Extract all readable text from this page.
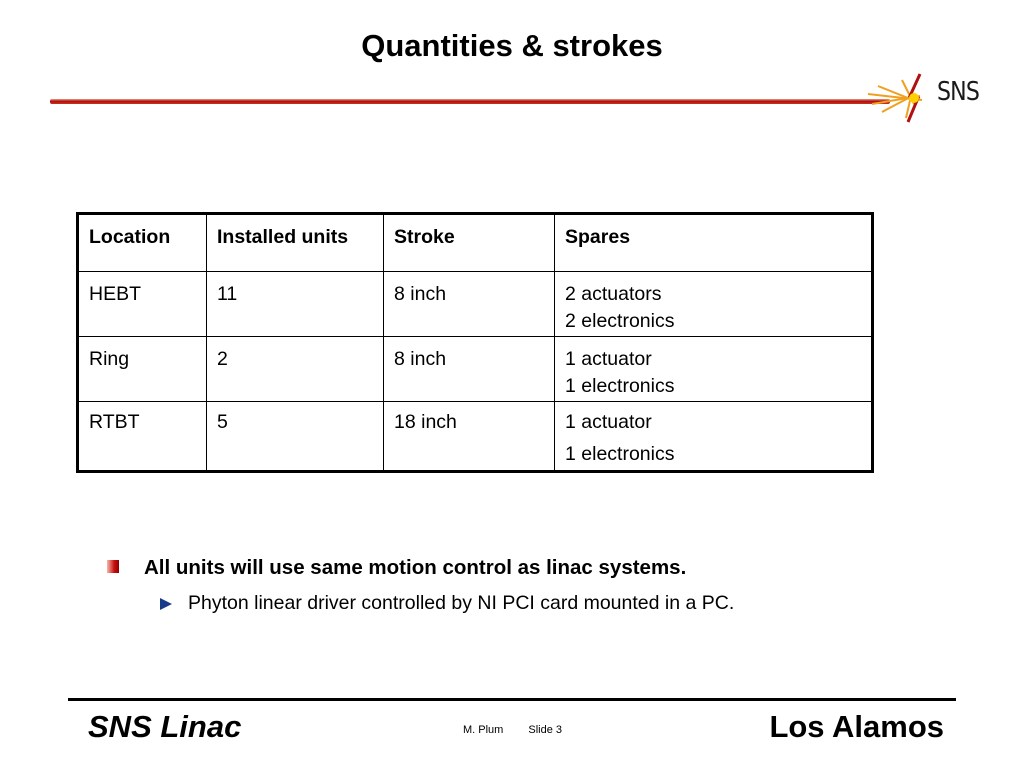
Quantities & strokes
SNS
Location	Installed units	Stroke	Spares
HEBT	11	8 inch	2 actuators
2 electronics

Ring	2	8 inch	1 actuator
1 electronics

RTBT	5	18 inch	1 actuator
1 electronics
All units will use same motion control as linac systems.
Phyton linear driver controlled by NI PCI card mounted in a PC.
SNS Linac	M. Plum Slide 3	Los Alamos
